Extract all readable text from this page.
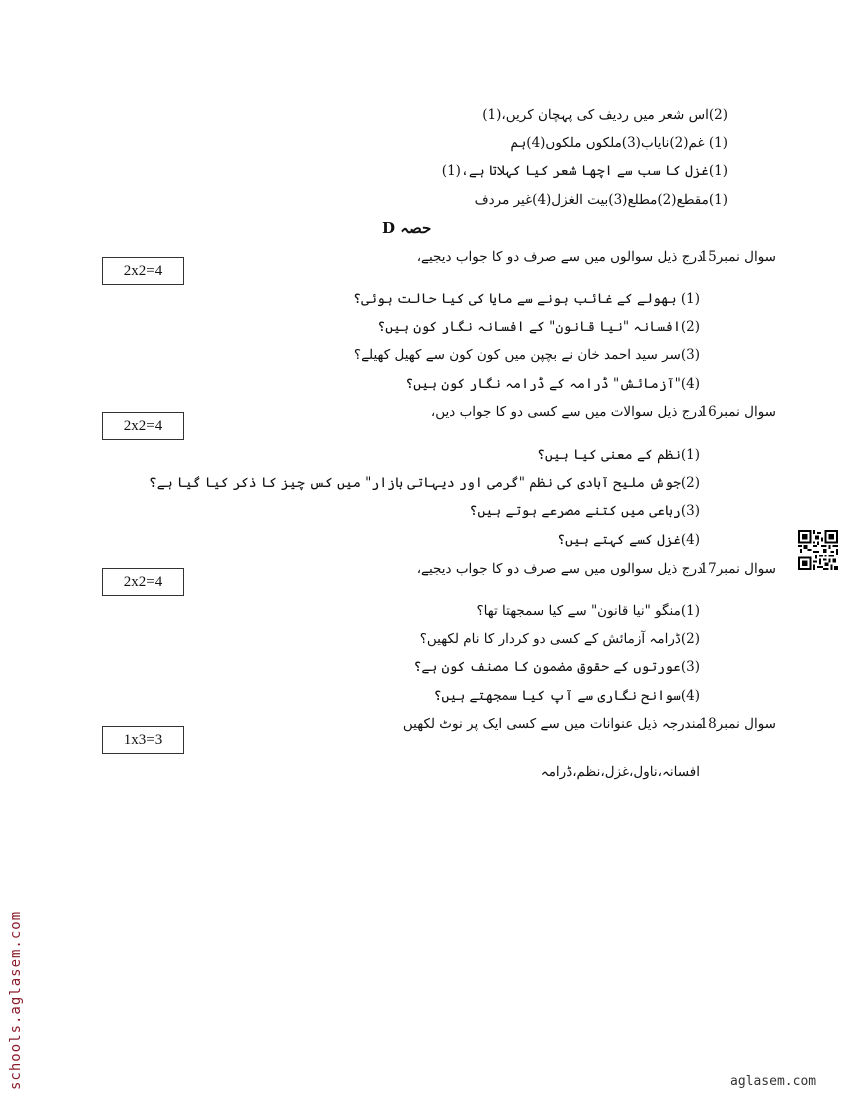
(2)اس شعر میں ردیف کی پہچان کریں،(1)
(1) غم(2)نایاب(3)ملکوں ملکوں(4)ہم
(1)غزل کا سب سے اچھا شعر کیا کہلاتا ہے،(1)
(1)مقطع(2)مطلع(3)بیت الغزل(4)غیر مردف
حصہ D
سوال نمبر15
درج ذیل سوالوں میں سے صرف دو کا جواب دیجیے،
2x2=4
(1) بھولے کے غائب ہونے سے مایا کی کیا حالت ہوئی؟
(2)افسانہ "نیا قانون" کے افسانہ نگار کون ہیں؟
(3)سر سید احمد خان نے بچپن میں کون کون سے کھیل کھیلے؟
(4)"آزمائش" ڈرامہ کے ڈرامہ نگار کون ہیں؟
سوال نمبر16
درج ذیل سوالات میں سے کسی دو کا جواب دیں،
2x2=4
(1)نظم کے معنی کیا ہیں؟
(2)جوش ملیح آبادی کی نظم "گرمی اور دیہاتی بازار" میں کس چیز کا ذکر کیا گیا ہے؟
(3)رباعی میں کتنے مصرعے ہوتے ہیں؟
(4)غزل کسے کہتے ہیں؟
سوال نمبر17
درج ذیل سوالوں میں سے صرف دو کا جواب دیجیے،
2x2=4
(1)منگو "نیا قانون" سے کیا سمجھتا تھا؟
(2)ڈرامہ آزمائش کے کسی دو کردار کا نام لکھیں؟
(3)عورتوں کے حقوق مضمون کا مصنف کون ہے؟
(4)سوانح نگاری سے آپ کیا سمجھتے ہیں؟
سوال نمبر18
مندرجہ ذیل عنوانات میں سے کسی ایک پر نوٹ لکھیں
1x3=3
افسانہ،ناول،غزل،نظم،ڈرامہ
schools.aglasem.com	aglasem.com
